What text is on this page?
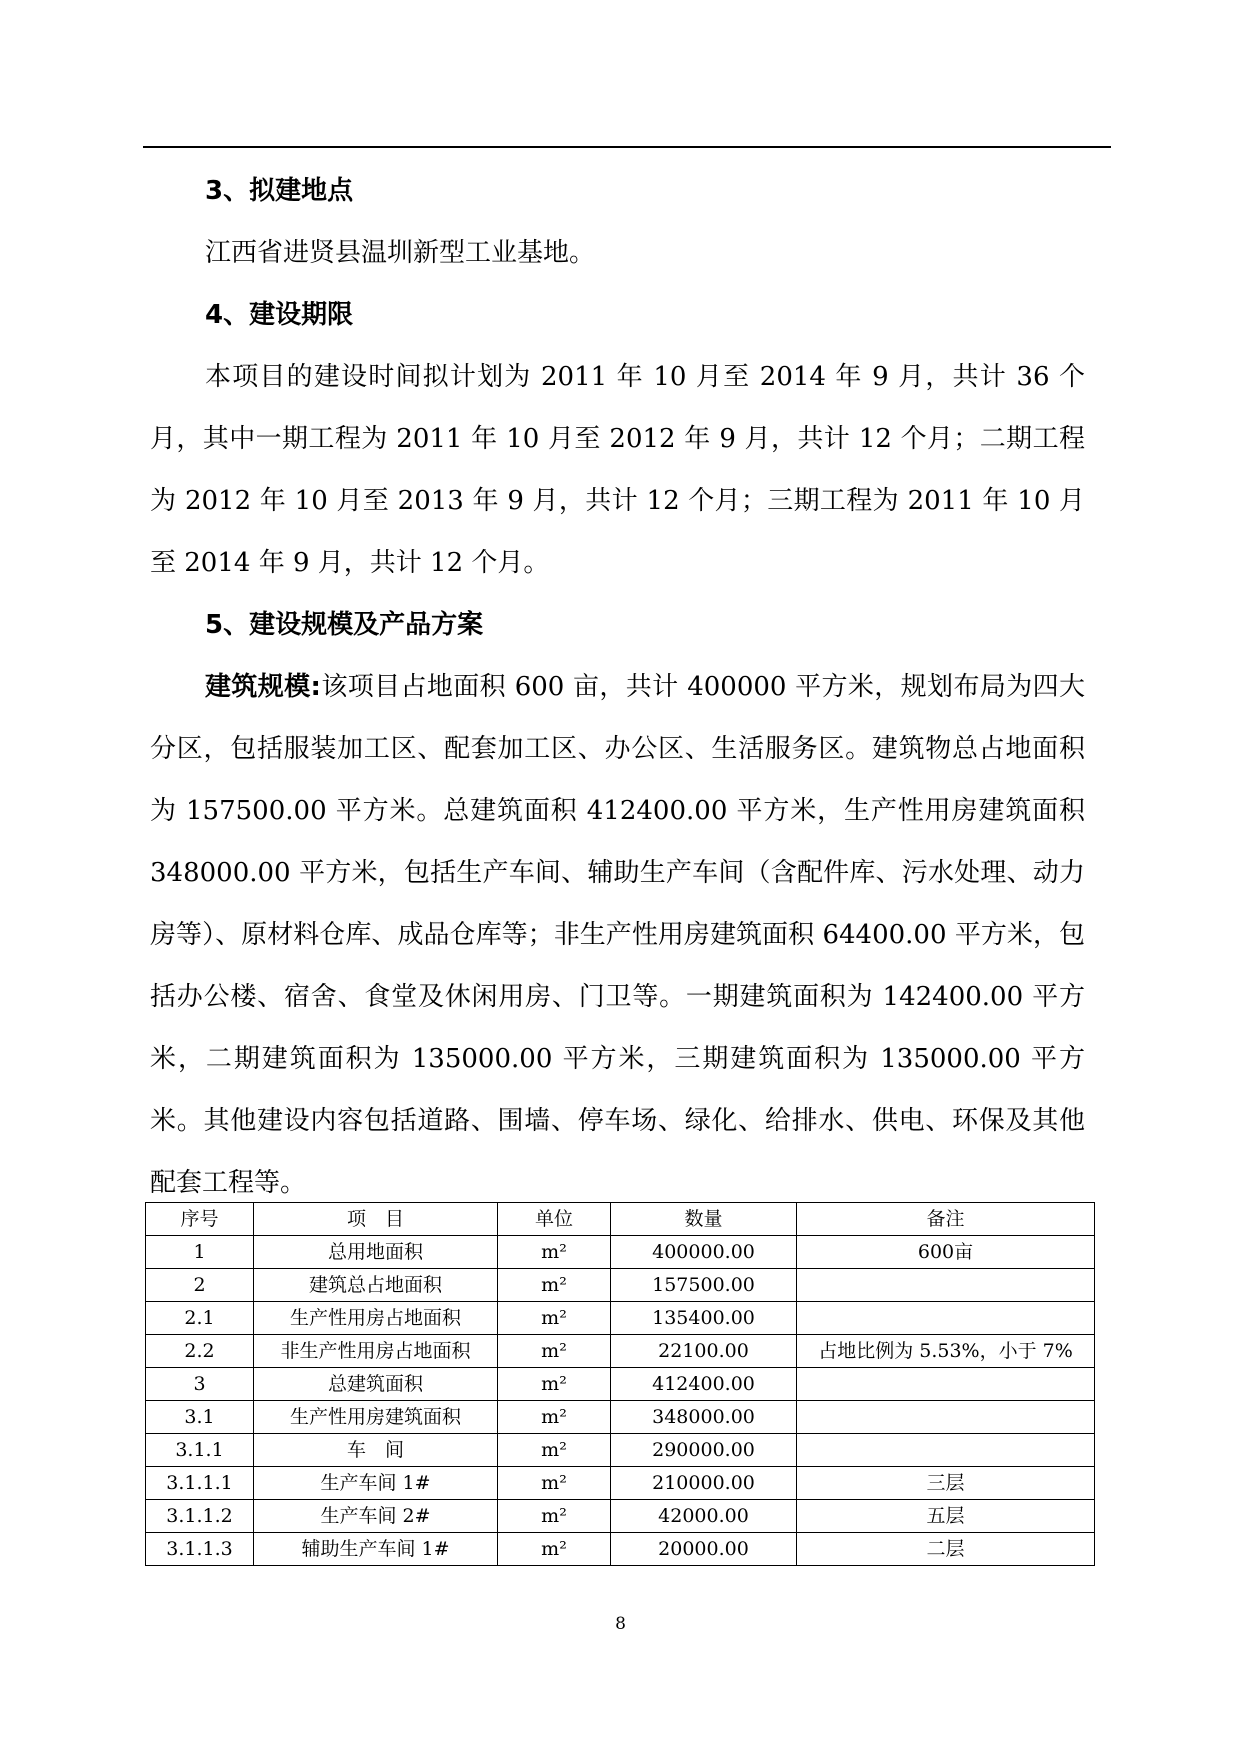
3、拟建地点

江西省进贤县温圳新型工业基地。

4、建设期限

本项目的建设时间拟计划为 2011 年 10 月至 2014 年 9 月，共计 36 个月，其中一期工程为 2011 年 10 月至 2012 年 9 月，共计 12 个月；二期工程为 2012 年 10 月至 2013 年 9 月，共计 12 个月；三期工程为 2011 年 10 月至 2014 年 9 月，共计 12 个月。

5、建设规模及产品方案

建筑规模:该项目占地面积 600 亩，共计 400000 平方米，规划布局为四大分区，包括服装加工区、配套加工区、办公区、生活服务区。建筑物总占地面积为 157500.00 平方米。总建筑面积 412400.00 平方米，生产性用房建筑面积 348000.00 平方米，包括生产车间、辅助生产车间（含配件库、污水处理、动力房等）、原材料仓库、成品仓库等；非生产性用房建筑面积 64400.00 平方米，包括办公楼、宿舍、食堂及休闲用房、门卫等。一期建筑面积为 142400.00 平方米，二期建筑面积为 135000.00 平方米，三期建筑面积为 135000.00 平方米。其他建设内容包括道路、围墙、停车场、绿化、给排水、供电、环保及其他配套工程等。

序号	项　目	单位	数量	备注
1	总用地面积	m²	400000.00	600亩
2	建筑总占地面积	m²	157500.00	
2.1	生产性用房占地面积	m²	135400.00	
2.2	非生产性用房占地面积	m²	22100.00	占地比例为 5.53%，小于 7%
3	总建筑面积	m²	412400.00	
3.1	生产性用房建筑面积	m²	348000.00	
3.1.1	车　间	m²	290000.00	
3.1.1.1	生产车间 1#	m²	210000.00	三层
3.1.1.2	生产车间 2#	m²	42000.00	五层
3.1.1.3	辅助生产车间 1#	m²	20000.00	二层
8
